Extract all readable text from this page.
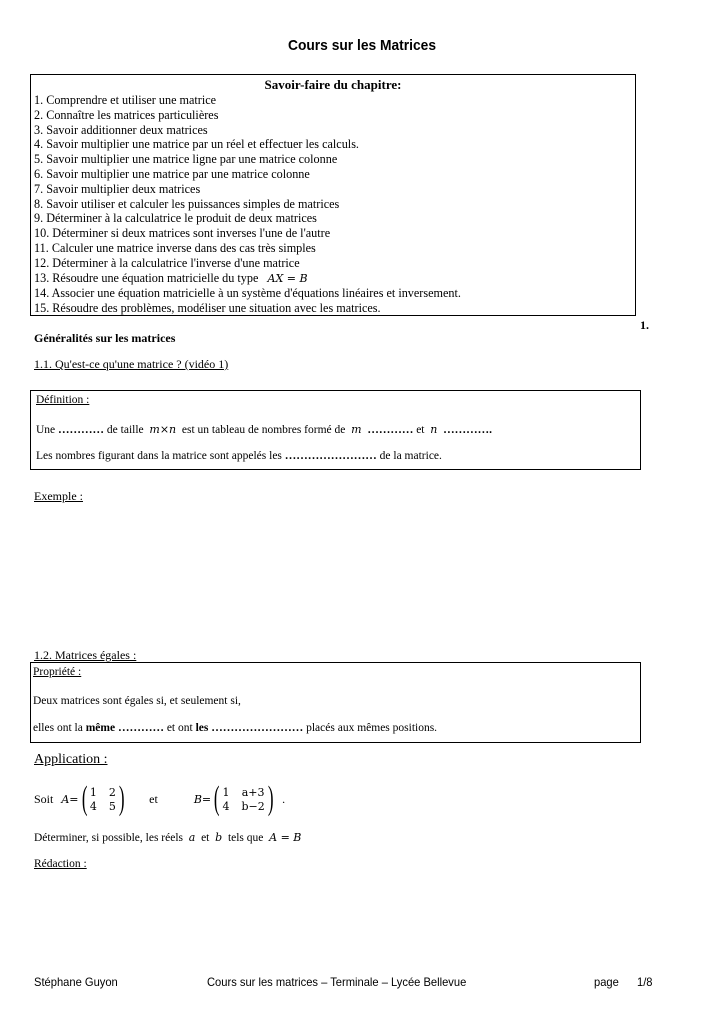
Cours sur les Matrices
Savoir-faire du chapitre:
1. Comprendre et utiliser une matrice
2. Connaître les matrices particulières
3. Savoir additionner deux matrices
4. Savoir multiplier une matrice par un réel et effectuer les calculs.
5. Savoir multiplier une matrice ligne par une matrice colonne
6. Savoir multiplier une matrice par une matrice colonne
7. Savoir multiplier deux matrices
8. Savoir utiliser et calculer les puissances simples de matrices
9. Déterminer à la calculatrice le produit de deux matrices
10. Déterminer si deux matrices sont inverses l'une de l'autre
11. Calculer une matrice inverse dans des cas très simples
12. Déterminer à la calculatrice l'inverse d'une matrice
13. Résoudre une équation matricielle du type AX = B
14. Associer une équation matricielle à un système d'équations linéaires et inversement.
15. Résoudre des problèmes, modéliser une situation avec les matrices.
1.
Généralités sur les matrices
1.1. Qu'est-ce qu'une matrice ? (vidéo 1)
Définition :
Une ………… de taille  m×n  est un tableau de nombres formé de  m  ………… et  n  ………….
Les nombres figurant dans la matrice sont appelés les …………………… de la matrice.
Exemple :
1.2. Matrices égales :
Propriété :
Deux matrices sont égales si, et seulement si,
elles ont la même ………… et ont les …………………… placés aux mêmes positions.
Application :
Soit A= ( 1 2
4 5 ) et	B= ( 1 a+3
4 b−2 ) .
Déterminer, si possible, les réels  a  et  b  tels que  A = B
Rédaction :
Stéphane Guyon	Cours sur les matrices – Terminale – Lycée Bellevue	page 1/8
